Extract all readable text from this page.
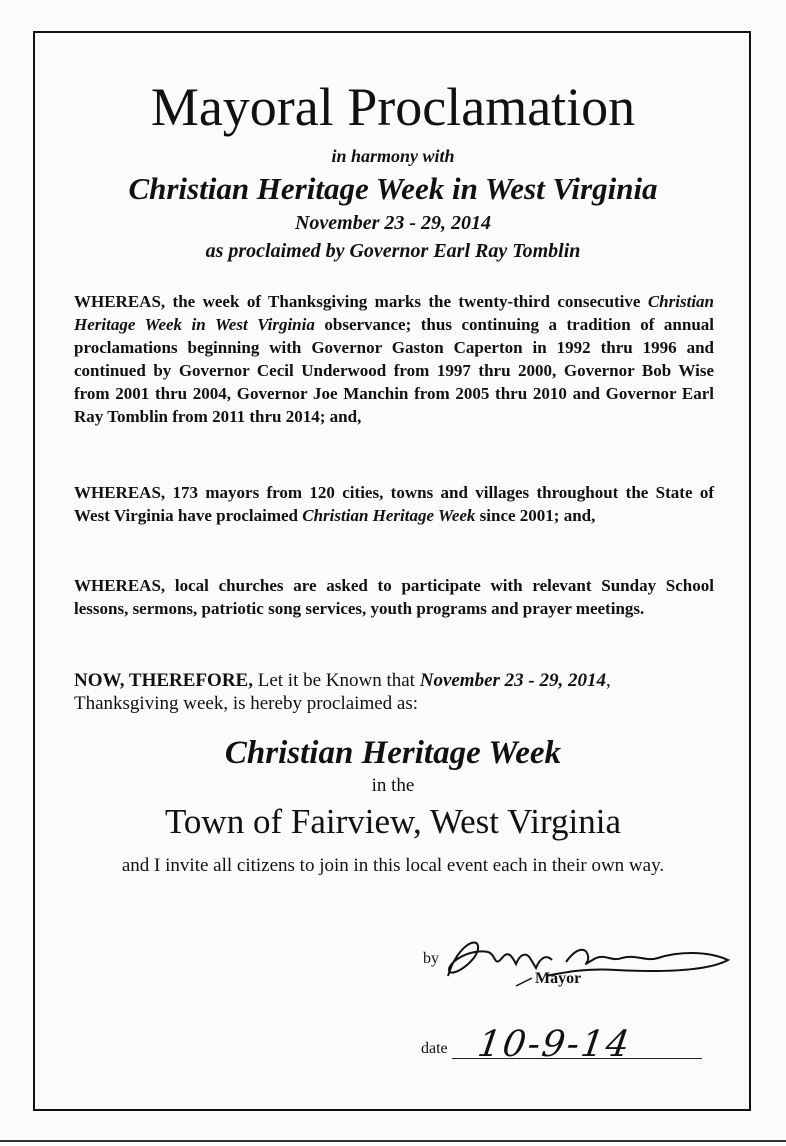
Mayoral Proclamation
in harmony with
Christian Heritage Week in West Virginia
November 23 - 29, 2014
as proclaimed by Governor Earl Ray Tomblin

WHEREAS, the week of Thanksgiving marks the twenty-third consecutive Christian Heritage Week in West Virginia observance; thus continuing a tradition of annual proclamations beginning with Governor Gaston Caperton in 1992 thru 1996 and continued by Governor Cecil Underwood from 1997 thru 2000, Governor Bob Wise from 2001 thru 2004, Governor Joe Manchin from 2005 thru 2010 and Governor Earl Ray Tomblin from 2011 thru 2014; and,

WHEREAS, 173 mayors from 120 cities, towns and villages throughout the State of West Virginia have proclaimed Christian Heritage Week since 2001; and,

WHEREAS, local churches are asked to participate with relevant Sunday School lessons, sermons, patriotic song services, youth programs and prayer meetings.

NOW, THEREFORE, Let it be Known that November 23 - 29, 2014,
Thanksgiving week, is hereby proclaimed as:

Christian Heritage Week
in the
Town of Fairview, West Virginia
and I invite all citizens to join in this local event each in their own way.
by
Mayor
date 10-9-14
